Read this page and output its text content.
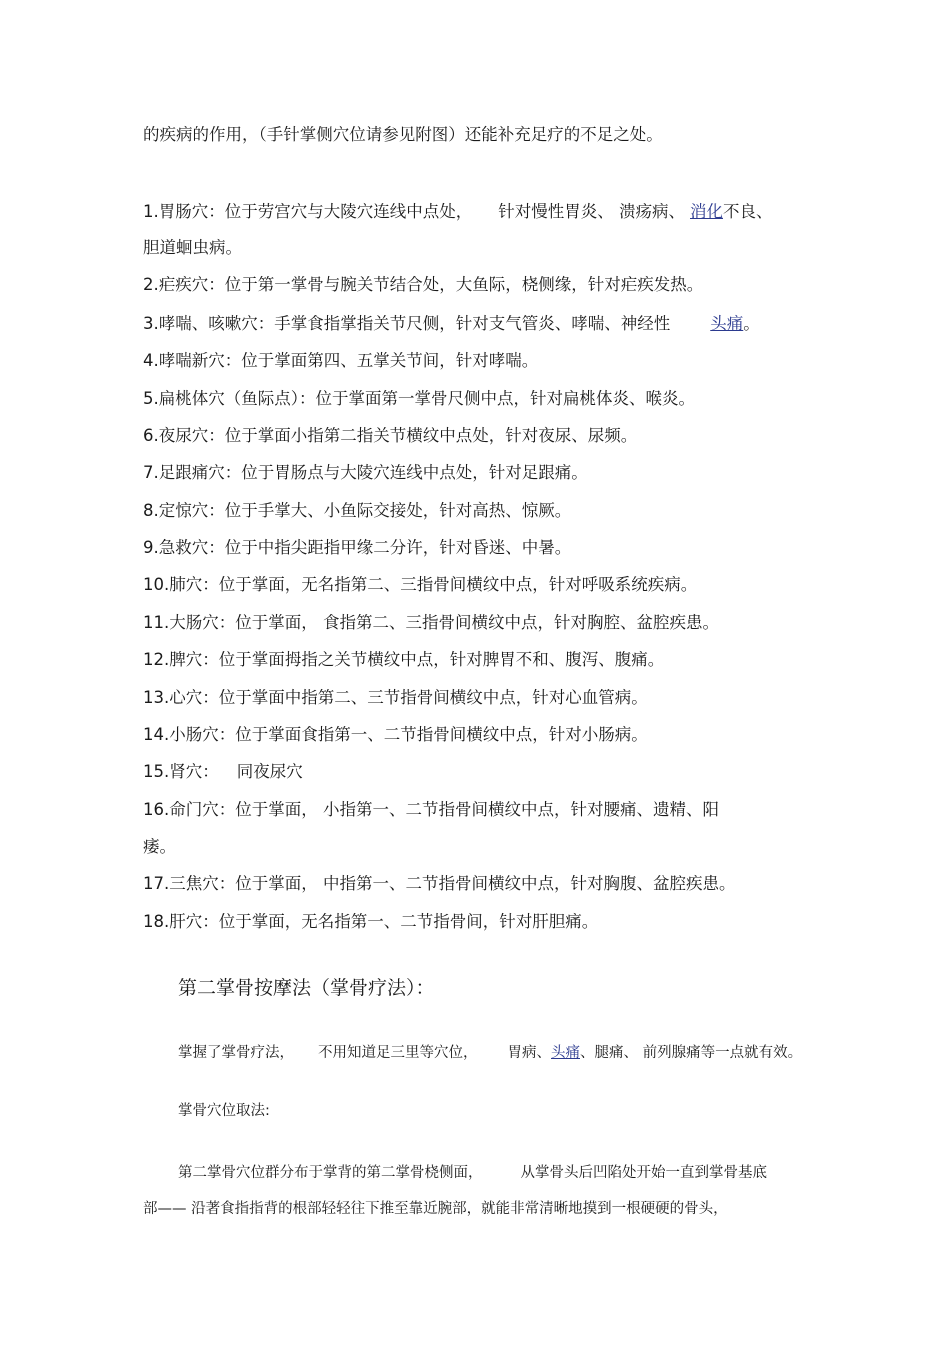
的疾病的作用，（手针掌侧穴位请参见附图）还能补充足疗的不足之处。
1.胃肠穴：位于劳宫穴与大陵穴连线中点处， 针对慢性胃炎、 溃疡病、 消化不良、
胆道蛔虫病。
2.疟疾穴：位于第一掌骨与腕关节结合处，大鱼际，桡侧缘，针对疟疾发热。
3.哮喘、咳嗽穴：手掌食指掌指关节尺侧，针对支气管炎、哮喘、神经性 头痛。
4.哮喘新穴：位于掌面第四、五掌关节间，针对哮喘。
5.扁桃体穴（鱼际点）：位于掌面第一掌骨尺侧中点，针对扁桃体炎、喉炎。
6.夜尿穴：位于掌面小指第二指关节横纹中点处，针对夜尿、尿频。
7.足跟痛穴：位于胃肠点与大陵穴连线中点处，针对足跟痛。
8.定惊穴：位于手掌大、小鱼际交接处，针对高热、惊厥。
9.急救穴：位于中指尖距指甲缘二分许，针对昏迷、中暑。
10.肺穴：位于掌面，无名指第二、三指骨间横纹中点，针对呼吸系统疾病。
11.大肠穴：位于掌面， 食指第二、三指骨间横纹中点，针对胸腔、盆腔疾患。
12.脾穴：位于掌面拇指之关节横纹中点，针对脾胃不和、腹泻、腹痛。
13.心穴：位于掌面中指第二、三节指骨间横纹中点，针对心血管病。
14.小肠穴：位于掌面食指第一、二节指骨间横纹中点，针对小肠病。
15.肾穴： 同夜尿穴
16.命门穴：位于掌面， 小指第一、二节指骨间横纹中点，针对腰痛、遗精、阳
痿。
17.三焦穴：位于掌面， 中指第一、二节指骨间横纹中点，针对胸腹、盆腔疾患。
18.肝穴：位于掌面，无名指第一、二节指骨间，针对肝胆痛。
第二掌骨按摩法（掌骨疗法）：
掌握了掌骨疗法， 不用知道足三里等穴位， 胃病、头痛、腿痛、 前列腺痛等一点就有效。
掌骨穴位取法:
第二掌骨穴位群分布于掌背的第二掌骨桡侧面，	从掌骨头后凹陷处开始一直到掌骨基底
部—— 沿著食指指背的根部轻轻往下推至靠近腕部，就能非常清晰地摸到一根硬硬的骨头，
